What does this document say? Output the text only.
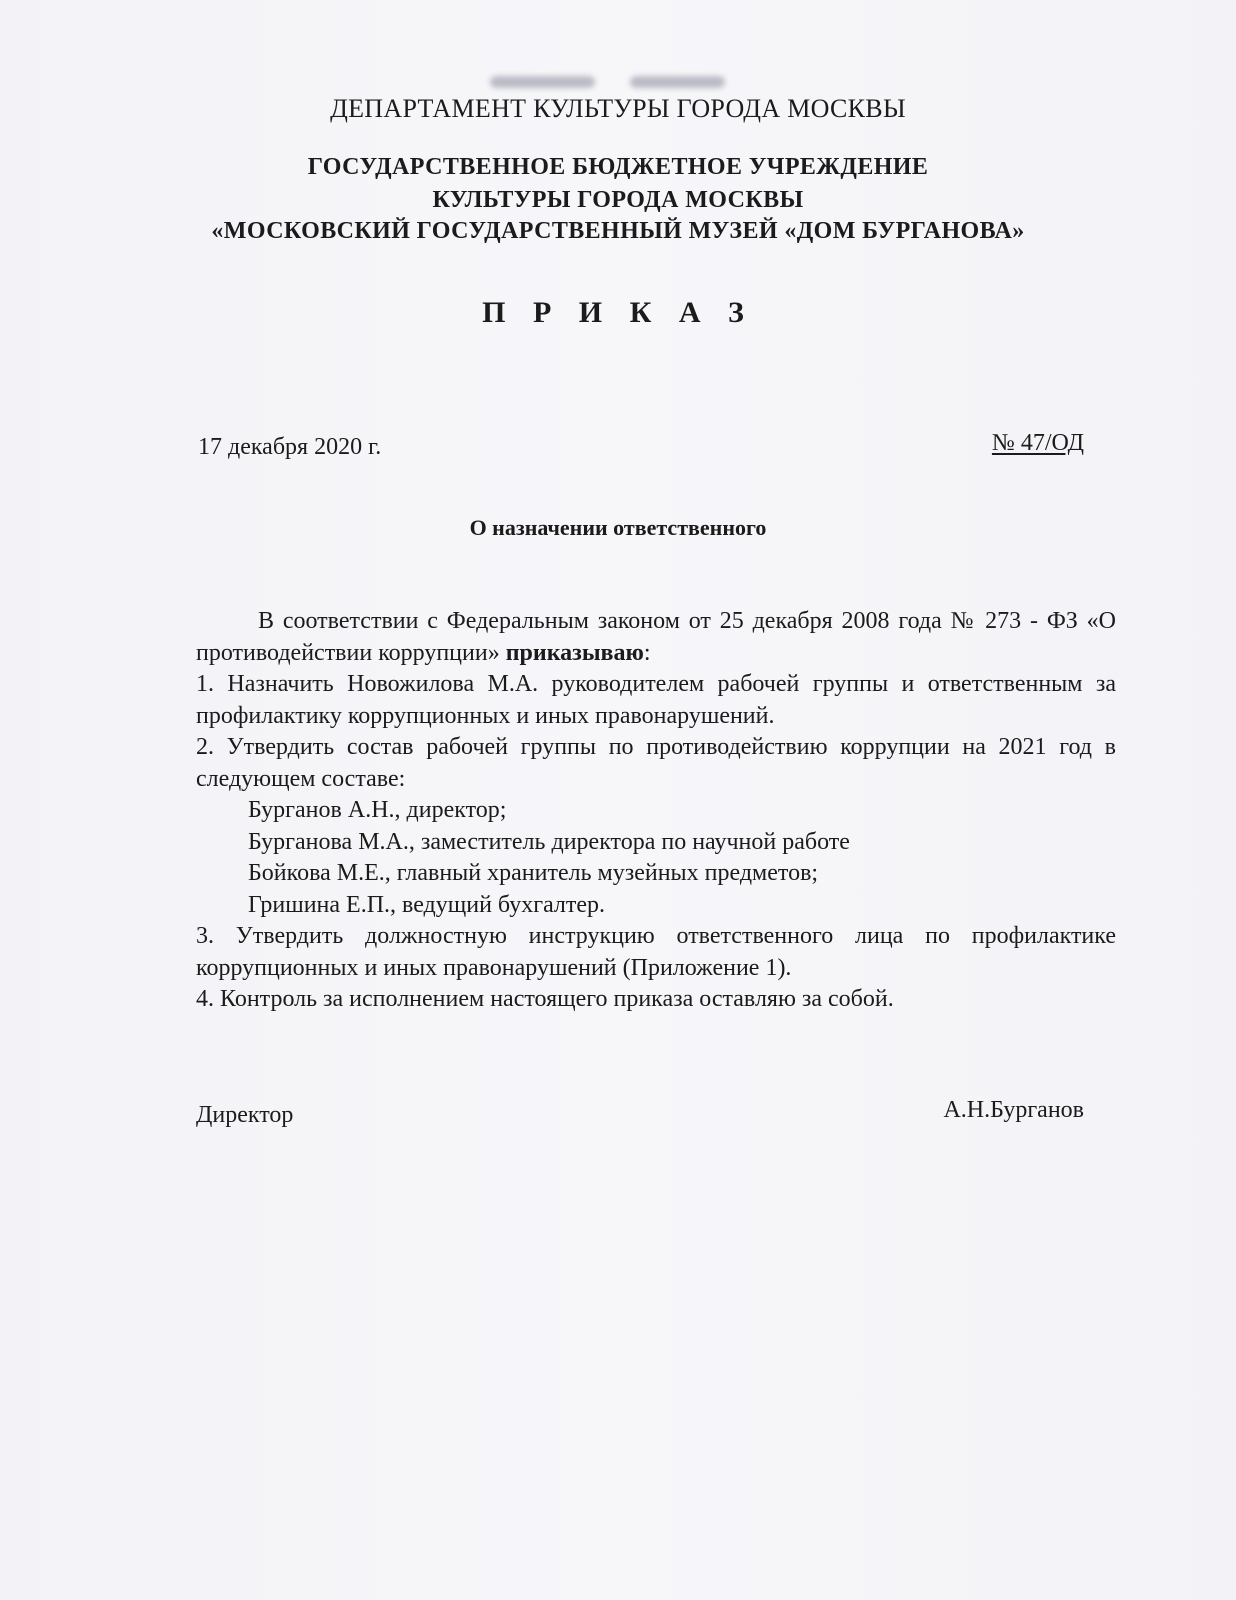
ДЕПАРТАМЕНТ КУЛЬТУРЫ ГОРОДА МОСКВЫ
ГОСУДАРСТВЕННОЕ БЮДЖЕТНОЕ УЧРЕЖДЕНИЕ
КУЛЬТУРЫ ГОРОДА МОСКВЫ
«МОСКОВСКИЙ ГОСУДАРСТВЕННЫЙ МУЗЕЙ «ДОМ БУРГАНОВА»
П Р И К А З
17 декабря 2020 г.	№ 47/ОД
О назначении ответственного

В соответствии с Федеральным законом от 25 декабря 2008 года № 273 - ФЗ «О противодействии коррупции» приказываю:

1. Назначить Новожилова М.А. руководителем рабочей группы и ответственным за профилактику коррупционных и иных правонарушений.

2. Утвердить состав рабочей группы по противодействию коррупции на 2021 год в следующем составе:

Бурганов А.Н., директор;

Бурганова М.А., заместитель директора по научной работе

Бойкова М.Е., главный хранитель музейных предметов;

Гришина Е.П., ведущий бухгалтер.

3. Утвердить должностную инструкцию ответственного лица по профилактике коррупционных и иных правонарушений (Приложение 1).

4. Контроль за исполнением настоящего приказа оставляю за собой.

Директор	А.Н.Бурганов
